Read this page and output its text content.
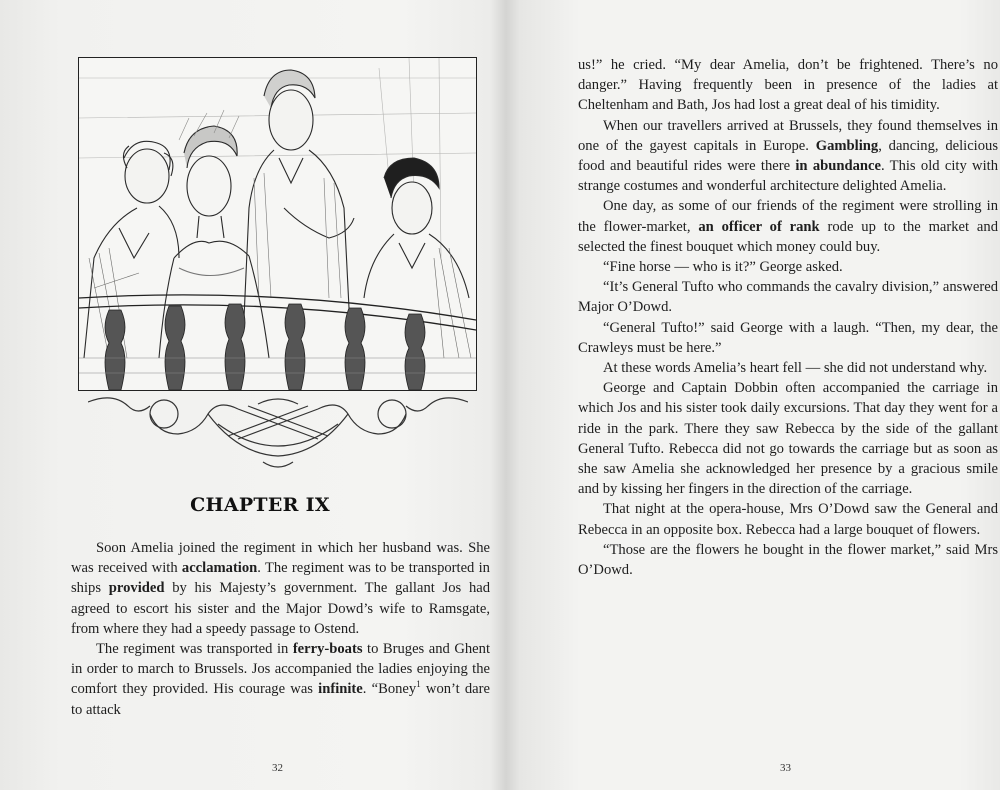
CHAPTER IX

Soon Amelia joined the regiment in which her husband was. She was received with acclamation. The regiment was to be transported in ships provided by his Majesty’s government. The gallant Jos had agreed to escort his sister and the Major Dowd’s wife to Ramsgate, from where they had a speedy passage to Ostend.

The regiment was transported in ferry-boats to Bruges and Ghent in order to march to Brussels. Jos accompanied the ladies enjoying the comfort they provided. His courage was infinite. “Boney$^1$ won’t dare to attack

32

us!” he cried. “My dear Amelia, don’t be frightened. There’s no danger.” Having frequently been in presence of the ladies at Cheltenham and Bath, Jos had lost a great deal of his timidity.

When our travellers arrived at Brussels, they found themselves in one of the gayest capitals in Europe. Gambling, dancing, delicious food and beautiful rides were there in abundance. This old city with strange costumes and wonderful architecture delighted Amelia.

One day, as some of our friends of the regiment were strolling in the flower-market, an officer of rank rode up to the market and selected the finest bouquet which money could buy.

“Fine horse — who is it?” George asked.

“It’s General Tufto who commands the cavalry division,” answered Major O’Dowd.

“General Tufto!” said George with a laugh. “Then, my dear, the Crawleys must be here.”

At these words Amelia’s heart fell — she did not understand why.

George and Captain Dobbin often accompanied the carriage in which Jos and his sister took daily excursions. That day they went for a ride in the park. There they saw Rebecca by the side of the gallant General Tufto. Rebecca did not go towards the carriage but as soon as she saw Amelia she acknowledged her presence by a gracious smile and by kissing her fingers in the direction of the carriage.

That night at the opera-house, Mrs O’Dowd saw the General and Rebecca in an opposite box. Rebecca had a large bouquet of flowers.

“Those are the flowers he bought in the flower market,” said Mrs O’Dowd.

33
